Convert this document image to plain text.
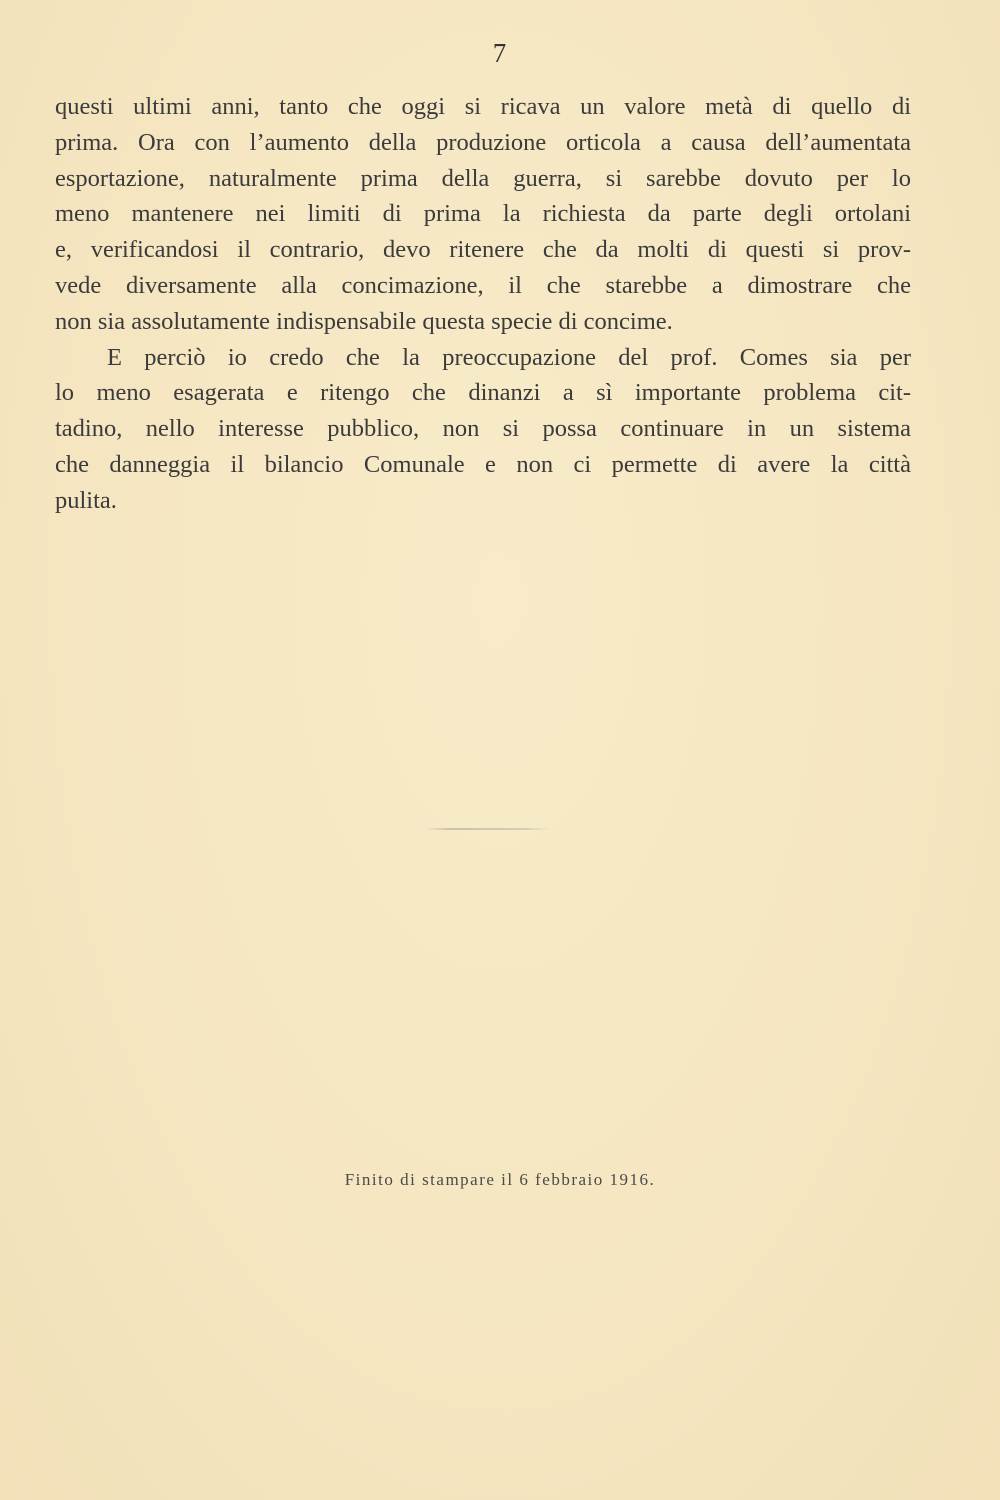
7
questi ultimi anni, tanto che oggi si ricava un valore metà di quello di
prima. Ora con l’aumento della produzione orticola a causa dell’aumentata
esportazione, naturalmente prima della guerra, si sarebbe dovuto per lo
meno mantenere nei limiti di prima la richiesta da parte degli ortolani
e, verificandosi il contrario, devo ritenere che da molti di questi si prov-
vede diversamente alla concimazione, il che starebbe a dimostrare che
non sia assolutamente indispensabile questa specie di concime.
E perciò io credo che la preoccupazione del prof. Comes sia per
lo meno esagerata e ritengo che dinanzi a sì importante problema cit-
tadino, nello interesse pubblico, non si possa continuare in un sistema
che danneggia il bilancio Comunale e non ci permette di avere la città
pulita.
Finito di stampare il 6 febbraio 1916.
